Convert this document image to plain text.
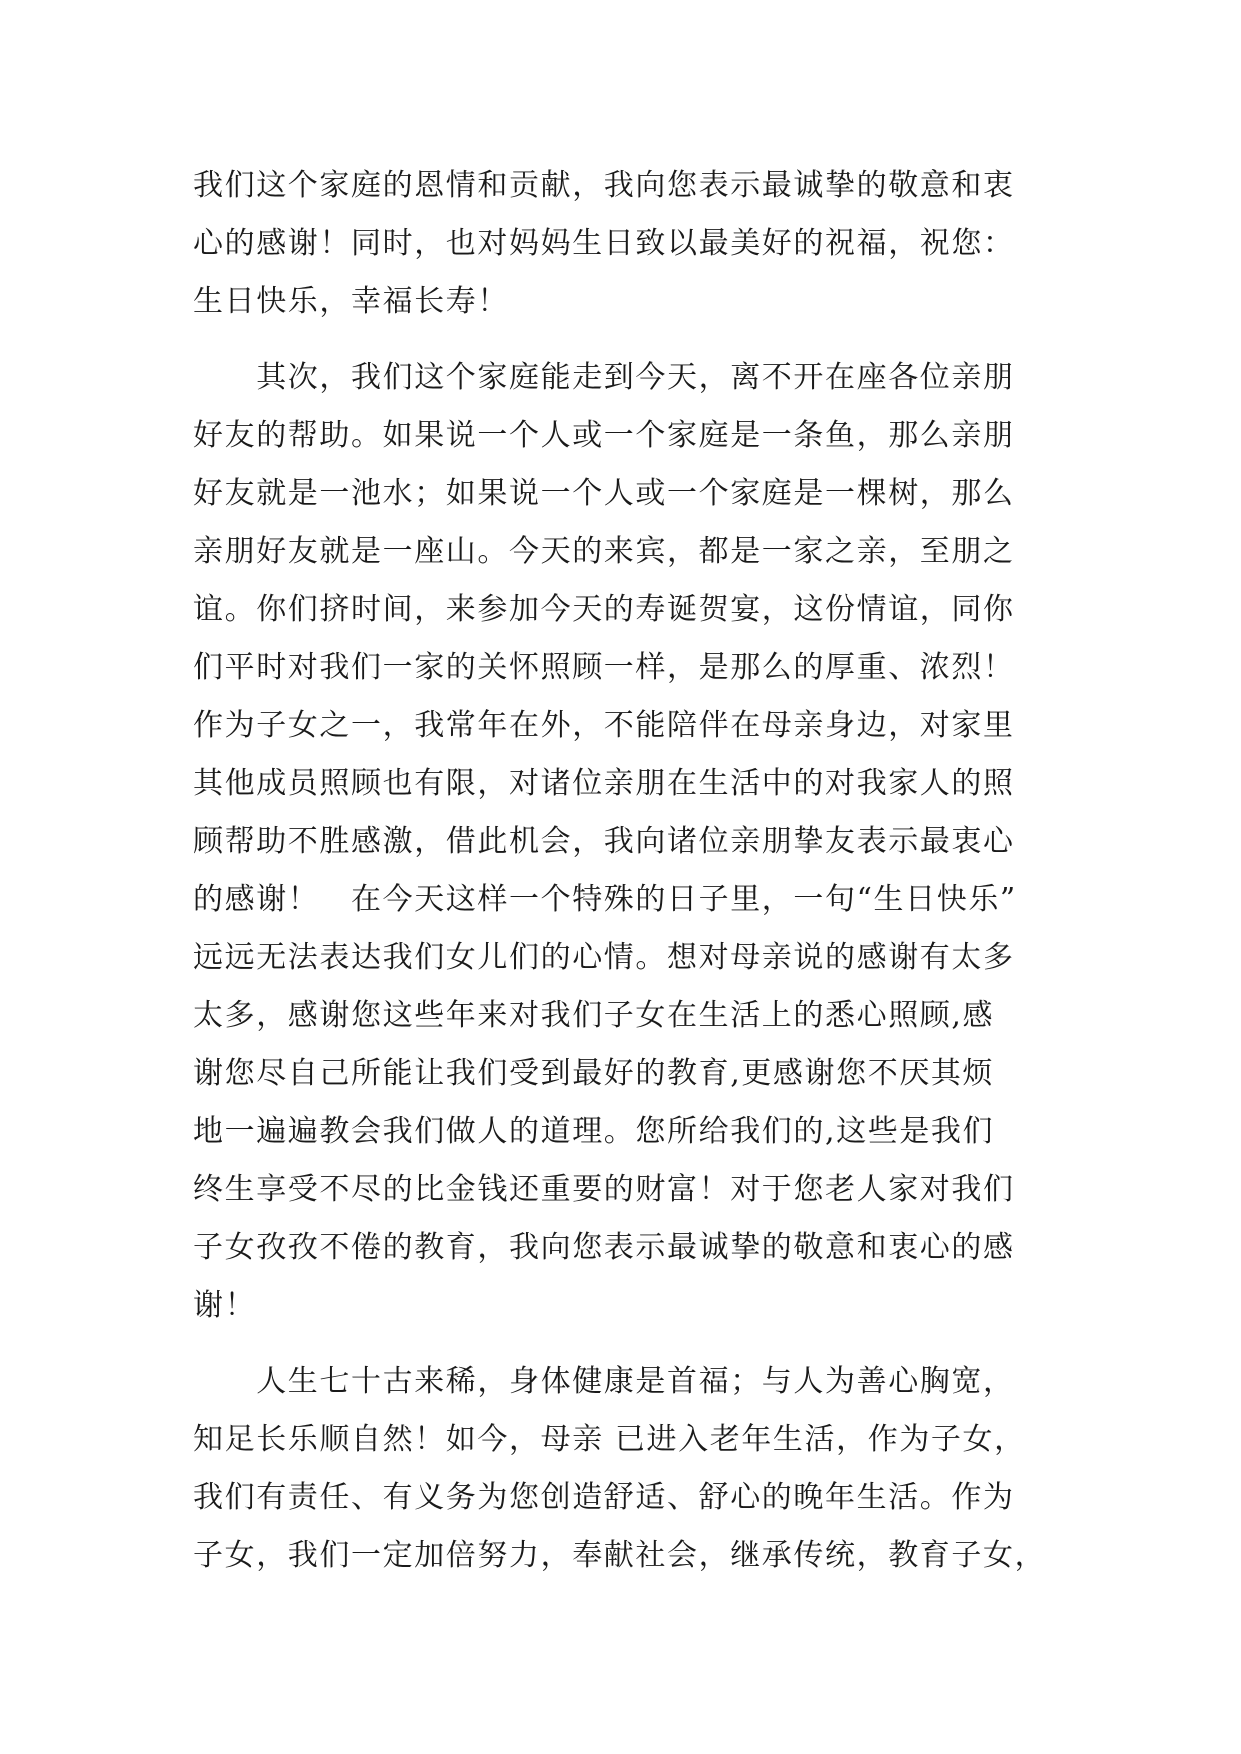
我们这个家庭的恩情和贡献，我向您表示最诚挚的敬意和衷
心的感谢！同时，也对妈妈生日致以最美好的祝福，祝您：
生日快乐，幸福长寿！
　　其次，我们这个家庭能走到今天，离不开在座各位亲朋
好友的帮助。如果说一个人或一个家庭是一条鱼，那么亲朋
好友就是一池水；如果说一个人或一个家庭是一棵树，那么
亲朋好友就是一座山。今天的来宾，都是一家之亲，至朋之
谊。你们挤时间，来参加今天的寿诞贺宴，这份情谊，同你
们平时对我们一家的关怀照顾一样，是那么的厚重、浓烈！
作为子女之一，我常年在外，不能陪伴在母亲身边，对家里
其他成员照顾也有限，对诸位亲朋在生活中的对我家人的照
顾帮助不胜感激，借此机会，我向诸位亲朋挚友表示最衷心
的感谢！　在今天这样一个特殊的日子里，一句“生日快乐”
远远无法表达我们女儿们的心情。想对母亲说的感谢有太多
太多，感谢您这些年来对我们子女在生活上的悉心照顾,感
谢您尽自己所能让我们受到最好的教育,更感谢您不厌其烦
地一遍遍教会我们做人的道理。您所给我们的,这些是我们
终生享受不尽的比金钱还重要的财富！对于您老人家对我们
子女孜孜不倦的教育，我向您表示最诚挚的敬意和衷心的感
谢！
　　人生七十古来稀，身体健康是首福；与人为善心胸宽，
知足长乐顺自然！如今，母亲 已进入老年生活，作为子女，
我们有责任、有义务为您创造舒适、舒心的晚年生活。作为
子女，我们一定加倍努力，奉献社会，继承传统，教育子女，
